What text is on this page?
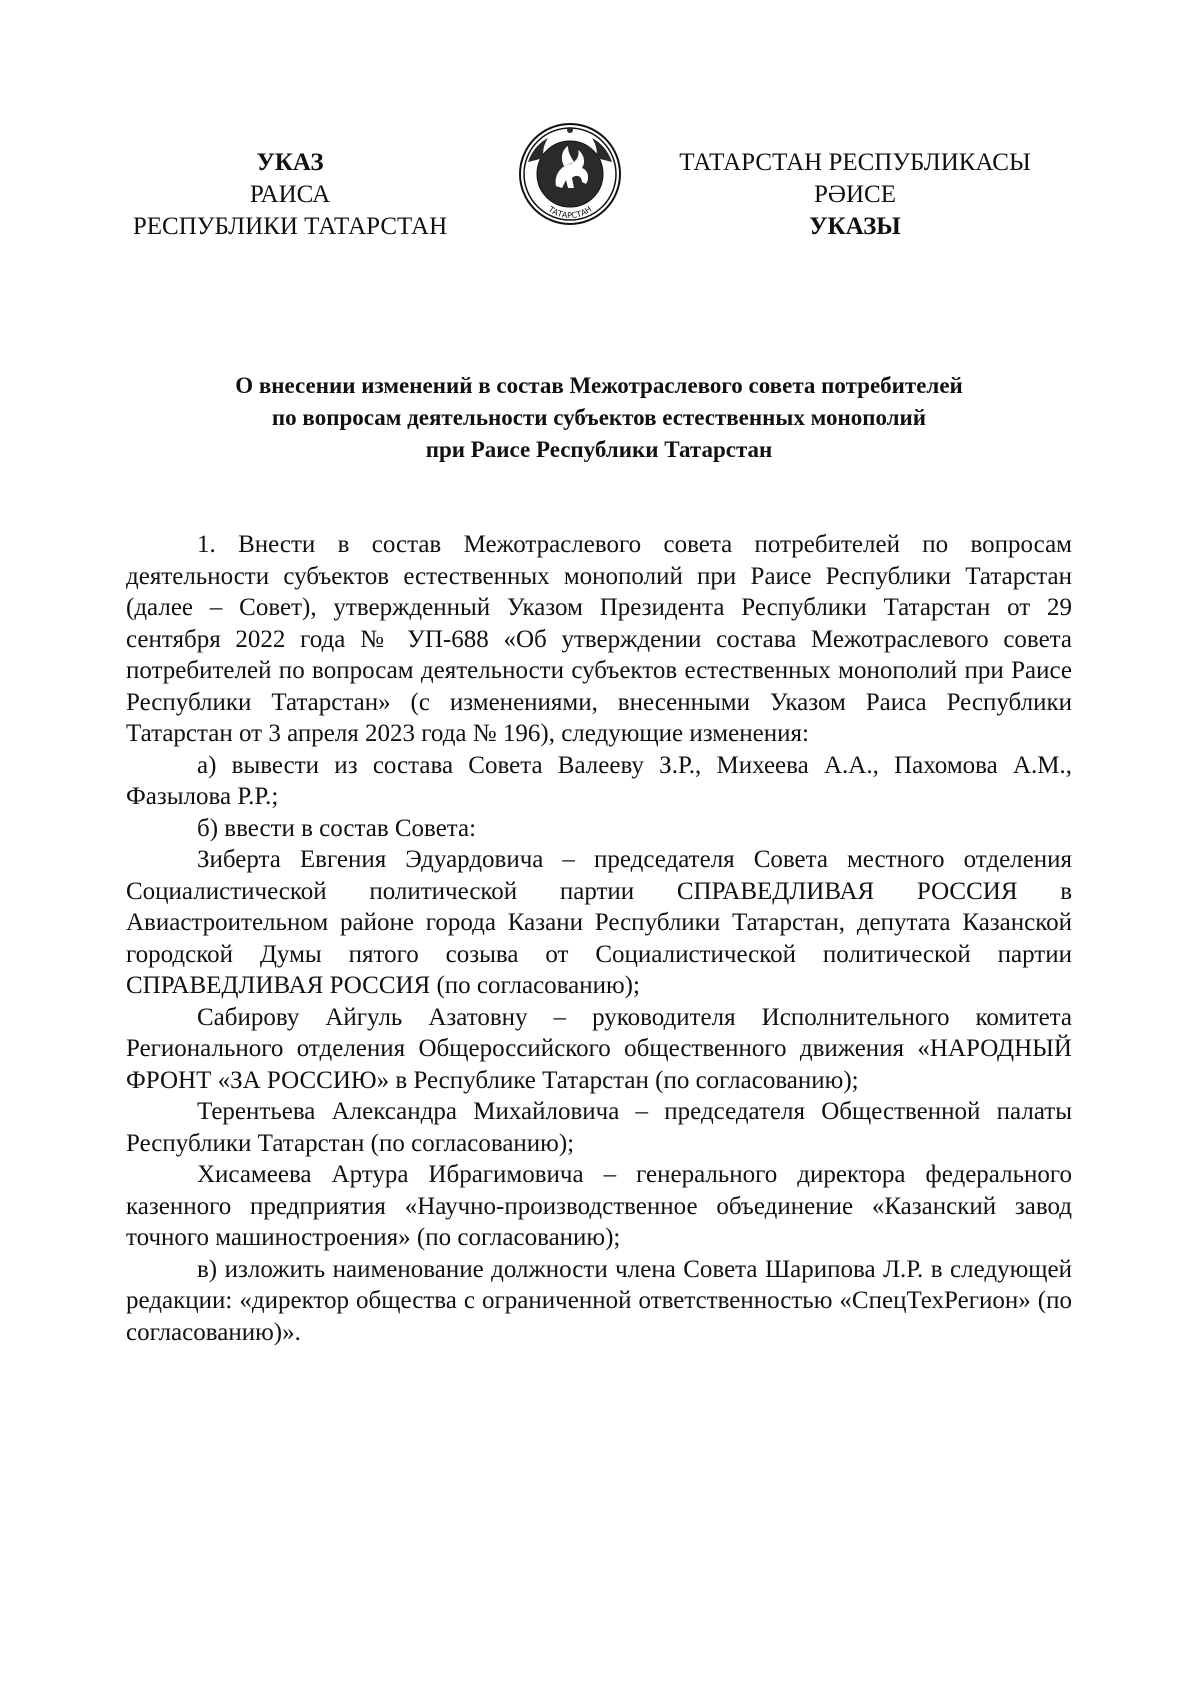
УКАЗ
РАИСА
РЕСПУБЛИКИ ТАТАРСТАН
ТАТАРСТАН
ТАТАРСТАН РЕСПУБЛИКАСЫ
РӘИСЕ
УКАЗЫ
О внесении изменений в состав Межотраслевого совета потребителей
по вопросам деятельности субъектов естественных монополий
при Раисе Республики Татарстан

1. Внести в состав Межотраслевого совета потребителей по вопросам деятельности субъектов естественных монополий при Раисе Республики Татарстан (далее – Совет), утвержденный Указом Президента Республики Татарстан от 29 сентября 2022 года № УП-688 «Об утверждении состава Межотраслевого совета потребителей по вопросам деятельности субъектов естественных монополий при Раисе Республики Татарстан» (с изменениями, внесенными Указом Раиса Республики Татарстан от 3 апреля 2023 года № 196), следующие изменения:

а) вывести из состава Совета Валееву З.Р., Михеева А.А., Пахомова А.М., Фазылова Р.Р.;

б) ввести в состав Совета:

Зиберта Евгения Эдуардовича – председателя Совета местного отделения Социалистической политической партии СПРАВЕДЛИВАЯ РОССИЯ в Авиастроительном районе города Казани Республики Татарстан, депутата Казанской городской Думы пятого созыва от Социалистической политической партии СПРАВЕДЛИВАЯ РОССИЯ (по согласованию);

Сабирову Айгуль Азатовну – руководителя Исполнительного комитета Регионального отделения Общероссийского общественного движения «НАРОДНЫЙ ФРОНТ «ЗА РОССИЮ» в Республике Татарстан (по согласованию);

Терентьева Александра Михайловича – председателя Общественной палаты Республики Татарстан (по согласованию);

Хисамеева Артура Ибрагимовича – генерального директора федерального казенного предприятия «Научно-производственное объединение «Казанский завод точного машиностроения» (по согласованию);

в) изложить наименование должности члена Совета Шарипова Л.Р. в следующей редакции: «директор общества с ограниченной ответственностью «СпецТехРегион» (по согласованию)».
